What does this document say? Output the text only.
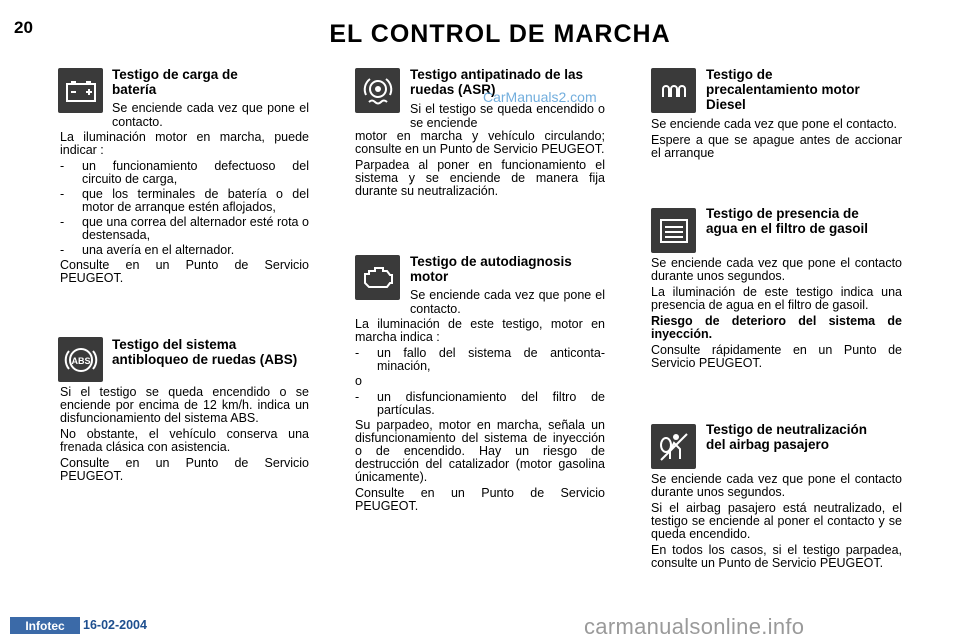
20	EL CONTROL DE MARCHA
Testigo de carga de batería
Se enciende cada vez que pone el contacto.

La iluminación motor en marcha, puede indicar :

-	un funcionamiento defectuoso del circuito de carga,
-	que los terminales de batería o del motor de arranque estén aflojados,
-	que una correa del alternador esté rota o destensada,
-	una avería en el alternador.

Consulte en un Punto de Servicio PEUGEOT.

ABS
Testigo del sistema antibloqueo de ruedas (ABS)

Si el testigo se queda encendido o se enciende por encima de 12 km/h. indica un disfuncionamiento del sistema ABS.

No obstante, el vehículo conserva una frenada clásica con asistencia.

Consulte en un Punto de Servicio PEUGEOT.

Testigo antipatinado de las ruedas (ASR)
Si el testigo se queda encendido o se enciende

motor en marcha y vehículo circulando; consulte en un Punto de Servicio PEUGEOT.

Parpadea al poner en funcionamiento el sistema y se enciende de manera fija durante su neutralización.

Testigo de autodiagnosis motor
Se enciende cada vez que pone el contacto.

La iluminación de este testigo, motor en marcha indica :

-	un fallo del sistema de anticonta-minación,

o

-	un disfuncionamiento del filtro de partículas.

Su parpadeo, motor en marcha, señala un disfuncionamiento del sistema de inyección o de encendido. Hay un riesgo de destrucción del catalizador (motor gasolina únicamente).

Consulte en un Punto de Servicio PEUGEOT.

Testigo de precalentamiento motor Diesel

Se enciende cada vez que pone el contacto.

Espere a que se apague antes de accionar el arranque

Testigo de presencia de agua en el filtro de gasoil

Se enciende cada vez que pone el contacto durante unos segundos.

La iluminación de este testigo indica una presencia de agua en el filtro de gasoil.

Riesgo de deterioro del sistema de inyección.

Consulte rápidamente en un Punto de Servicio PEUGEOT.

Testigo de neutralización del airbag pasajero

Se enciende cada vez que pone el contacto durante unos segundos.

Si el airbag pasajero está neutralizado, el testigo se enciende al poner el contacto y se queda encendido.

En todos los casos, si el testigo parpadea, consulte un Punto de Servicio PEUGEOT.

CarManuals2.com
carmanualsonline.info
Infotec	16-02-2004
